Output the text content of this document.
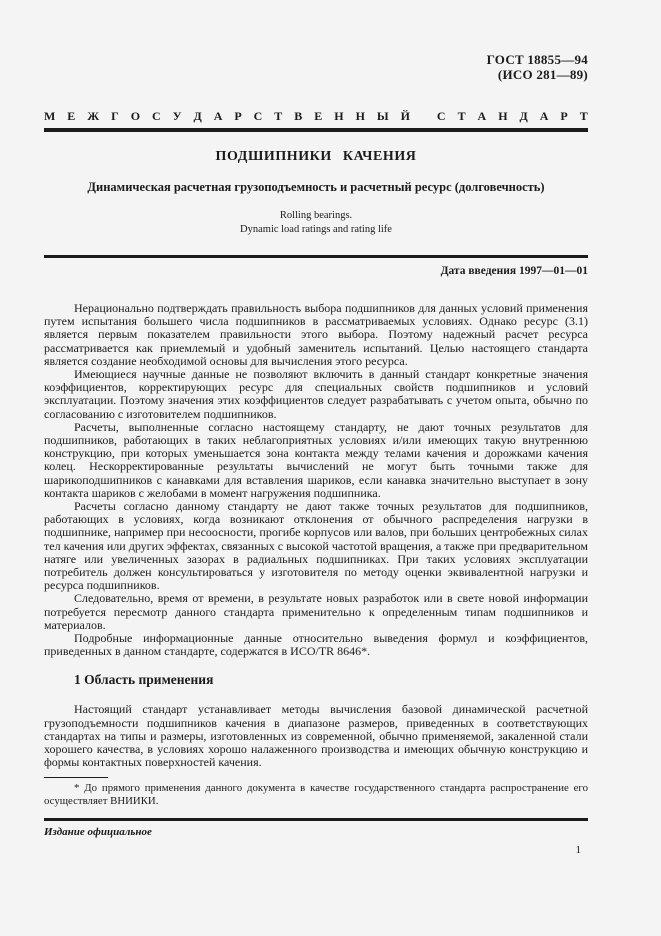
ГОСТ 18855—94
(ИСО 281—89)
М Е Ж Г О С У Д А Р С Т В Е Н Н Ы Й
С Т А Н Д А Р Т
ПОДШИПНИКИ КАЧЕНИЯ
Динамическая расчетная грузоподъемность и расчетный ресурс (долговечность)
Rolling bearings.
Dynamic load ratings and rating life
Дата введения 1997—01—01

Нерационально подтверждать правильность выбора подшипников для данных условий применения путем испытания большего числа подшипников в рассматриваемых условиях. Однако ресурс (3.1) является первым показателем правильности этого выбора. Поэтому надежный расчет ресурса рассматривается как приемлемый и удобный заменитель испытаний. Целью настоящего стандарта является создание необходимой основы для вычисления этого ресурса.

Имеющиеся научные данные не позволяют включить в данный стандарт конкретные значения коэффициентов, корректирующих ресурс для специальных свойств подшипников и условий эксплуатации. Поэтому значения этих коэффициентов следует разрабатывать с учетом опыта, обычно по согласованию с изготовителем подшипников.

Расчеты, выполненные согласно настоящему стандарту, не дают точных результатов для подшипников, работающих в таких неблагоприятных условиях и/или имеющих такую внутреннюю конструкцию, при которых уменьшается зона контакта между телами качения и дорожками качения колец. Нескорректированные результаты вычислений не могут быть точными также для шарикоподшипников с канавками для вставления шариков, если канавка значительно выступает в зону контакта шариков с желобами в момент нагружения подшипника.

Расчеты согласно данному стандарту не дают также точных результатов для подшипников, работающих в условиях, когда возникают отклонения от обычного распределения нагрузки в подшипнике, например при несоосности, прогибе корпусов или валов, при больших центробежных силах тел качения или других эффектах, связанных с высокой частотой вращения, а также при предварительном натяге или увеличенных зазорах в радиальных подшипниках. При таких условиях эксплуатации потребитель должен консультироваться у изготовителя по методу оценки эквивалентной нагрузки и ресурса подшипников.

Следовательно, время от времени, в результате новых разработок или в свете новой информации потребуется пересмотр данного стандарта применительно к определенным типам подшипников и материалов.

Подробные информационные данные относительно выведения формул и коэффициентов, приведенных в данном стандарте, содержатся в ИСО/TR 8646*.

1 Область применения

Настоящий стандарт устанавливает методы вычисления базовой динамической расчетной грузоподъемности подшипников качения в диапазоне размеров, приведенных в соответствующих стандартах на типы и размеры, изготовленных из современной, обычно применяемой, закаленной стали хорошего качества, в условиях хорошо налаженного производства и имеющих обычную конструкцию и формы контактных поверхностей качения.

* До прямого применения данного документа в качестве государственного стандарта распространение его осуществляет ВНИИКИ.
Издание официальное
1
